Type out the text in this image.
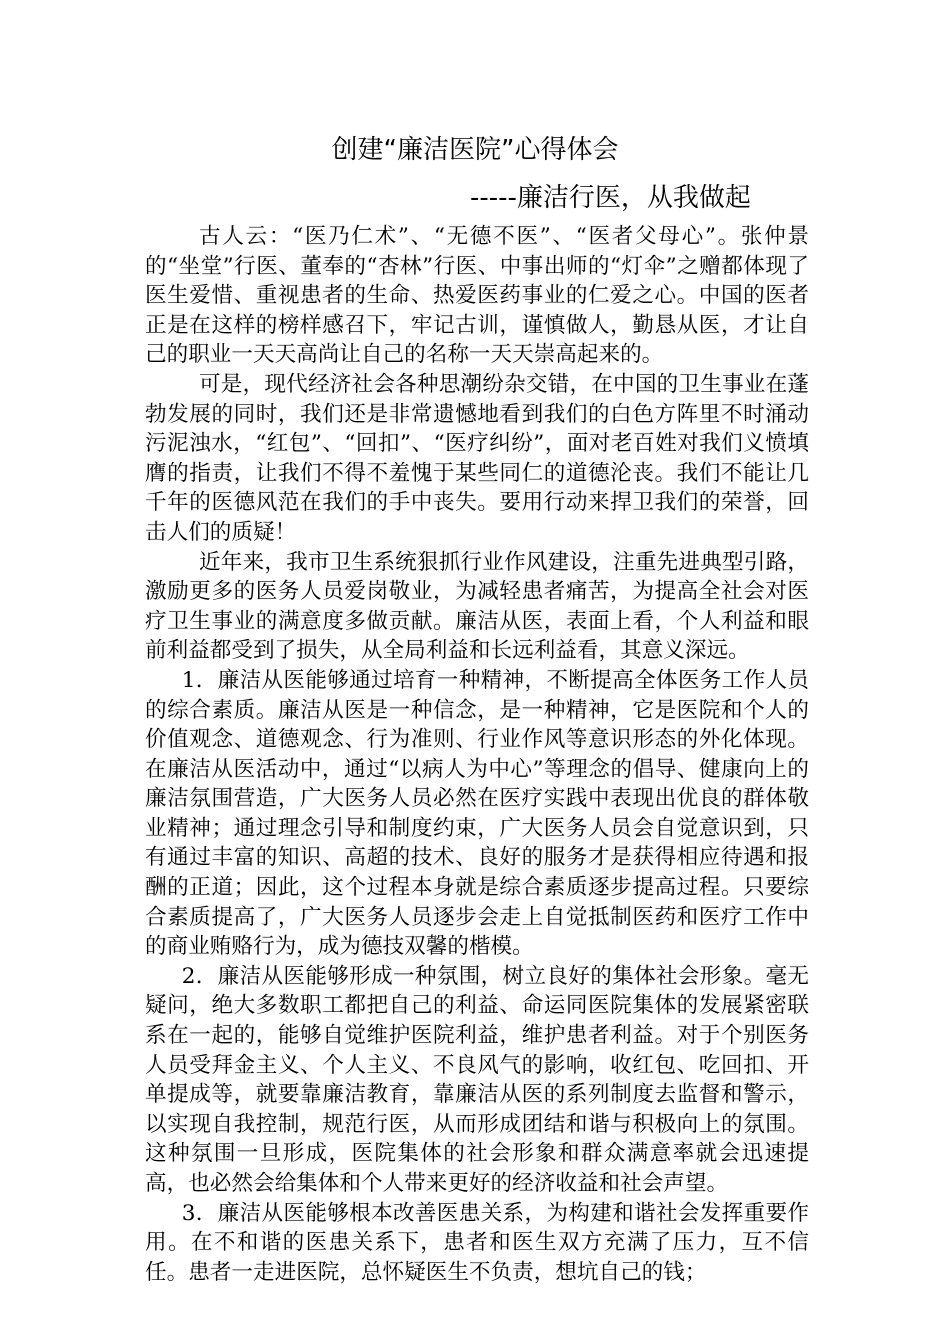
创建“廉洁医院”心得体会
-----廉洁行医，从我做起

古人云：“医乃仁术”、“无德不医”、“医者父母心”。张仲景的“坐堂”行医、董奉的“杏林”行医、中事出师的“灯伞”之赠都体现了医生爱惜、重视患者的生命、热爱医药事业的仁爱之心。中国的医者正是在这样的榜样感召下，牢记古训，谨慎做人，勤恳从医，才让自己的职业一天天高尚让自己的名称一天天崇高起来的。

可是，现代经济社会各种思潮纷杂交错，在中国的卫生事业在蓬勃发展的同时，我们还是非常遗憾地看到我们的白色方阵里不时涌动污泥浊水，“红包”、“回扣”、“医疗纠纷”，面对老百姓对我们义愤填膺的指责，让我们不得不羞愧于某些同仁的道德沦丧。我们不能让几千年的医德风范在我们的手中丧失。要用行动来捍卫我们的荣誉，回击人们的质疑！

近年来，我市卫生系统狠抓行业作风建设，注重先进典型引路，激励更多的医务人员爱岗敬业，为减轻患者痛苦，为提高全社会对医疗卫生事业的满意度多做贡献。廉洁从医，表面上看，个人利益和眼前利益都受到了损失，从全局利益和长远利益看，其意义深远。

1．廉洁从医能够通过培育一种精神，不断提高全体医务工作人员的综合素质。廉洁从医是一种信念，是一种精神，它是医院和个人的价值观念、道德观念、行为准则、行业作风等意识形态的外化体现。在廉洁从医活动中，通过“以病人为中心”等理念的倡导、健康向上的廉洁氛围营造，广大医务人员必然在医疗实践中表现出优良的群体敬业精神；通过理念引导和制度约束，广大医务人员会自觉意识到，只有通过丰富的知识、高超的技术、良好的服务才是获得相应待遇和报酬的正道；因此，这个过程本身就是综合素质逐步提高过程。只要综合素质提高了，广大医务人员逐步会走上自觉抵制医药和医疗工作中的商业贿赂行为，成为德技双馨的楷模。

2．廉洁从医能够形成一种氛围，树立良好的集体社会形象。毫无疑问，绝大多数职工都把自己的利益、命运同医院集体的发展紧密联系在一起的，能够自觉维护医院利益，维护患者利益。对于个别医务人员受拜金主义、个人主义、不良风气的影响，收红包、吃回扣、开单提成等，就要靠廉洁教育，靠廉洁从医的系列制度去监督和警示，以实现自我控制，规范行医，从而形成团结和谐与积极向上的氛围。这种氛围一旦形成，医院集体的社会形象和群众满意率就会迅速提高，也必然会给集体和个人带来更好的经济收益和社会声望。

3．廉洁从医能够根本改善医患关系，为构建和谐社会发挥重要作用。在不和谐的医患关系下，患者和医生双方充满了压力，互不信任。患者一走进医院，总怀疑医生不负责，想坑自己的钱；
